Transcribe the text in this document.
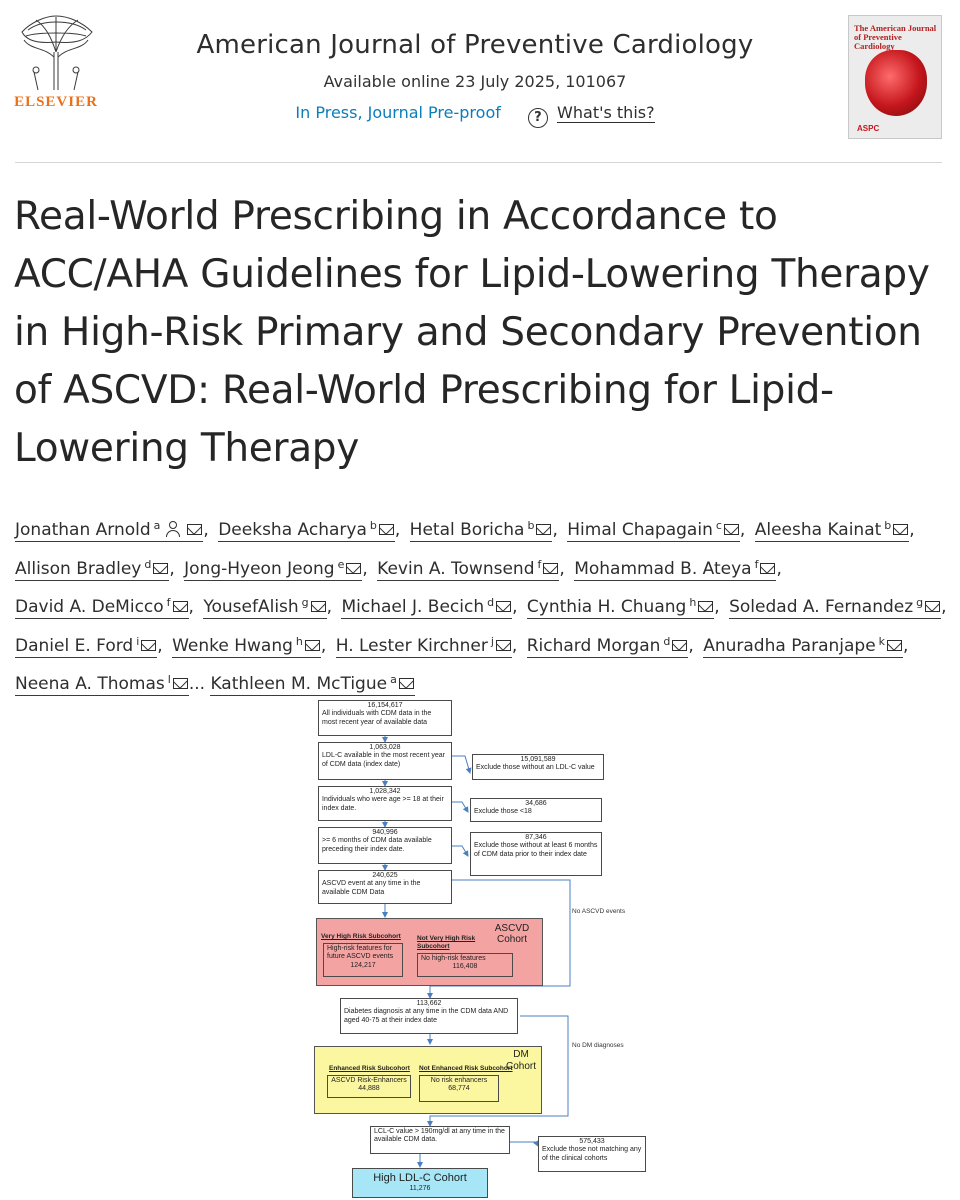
ELSEVIER
American Journal of Preventive Cardiology
Available online 23 July 2025, 101067
In Press, Journal Pre-proof	? What's this?
The American Journal of Preventive Cardiology
ASPC
Real-World Prescribing in Accordance to ACC/AHA Guidelines for Lipid-Lowering Therapy in High-Risk Primary and Secondary Prevention of ASCVD: Real-World Prescribing for Lipid-Lowering Therapy
Jonathan Arnold $^a$	, Deeksha Acharya $^b$ , Hetal Boricha $^b$ , Himal Chapagain $^c$ , Aleesha Kainat $^b$ , Allison Bradley $^d$ , Jong-Hyeon Jeong $^e$ , Kevin A. Townsend $^f$ , Mohammad B. Ateya $^f$ , David A. DeMicco $^f$ , YousefAlish $^g$ , Michael J. Becich $^d$ , Cynthia H. Chuang $^h$ , Soledad A. Fernandez $^g$ , Daniel E. Ford $^i$ , Wenke Hwang $^h$ , H. Lester Kirchner $^j$ , Richard Morgan $^d$ , Anuradha Paranjape $^k$ , Neena A. Thomas $^l$ ... Kathleen M. McTigue $^a$
16,154,617
All individuals with CDM data in the most recent year of available data
1,063,028
LDL-C available in the most recent year of CDM data (index date)
15,091,589
Exclude those without an LDL-C value
1,028,342
Individuals who were age >= 18 at their index date.
34,686
Exclude those <18
940,996
>= 6 months of CDM data available preceding their index date.
87,346
Exclude those without at least 6 months of CDM data prior to their index date
240,625
ASCVD event at any time in the available CDM Data
No ASCVD events
ASCVD Cohort
Very High Risk Subcohort	Not Very High Risk Subcohort
High-risk features for future ASCVD events
124,217
No high-risk features
116,408
113,662
Diabetes diagnosis at any time in the CDM data AND aged 40-75 at their index date
No DM diagnoses
DM Cohort
Enhanced Risk Subcohort	Not Enhanced Risk Subcohort
ASCVD Risk-Enhancers
44,888
No risk enhancers
68,774
LCL-C value > 190mg/dl at any time in the available CDM data.	575,433
Exclude those not matching any of the clinical cohorts
High LDL-C Cohort
11,276
